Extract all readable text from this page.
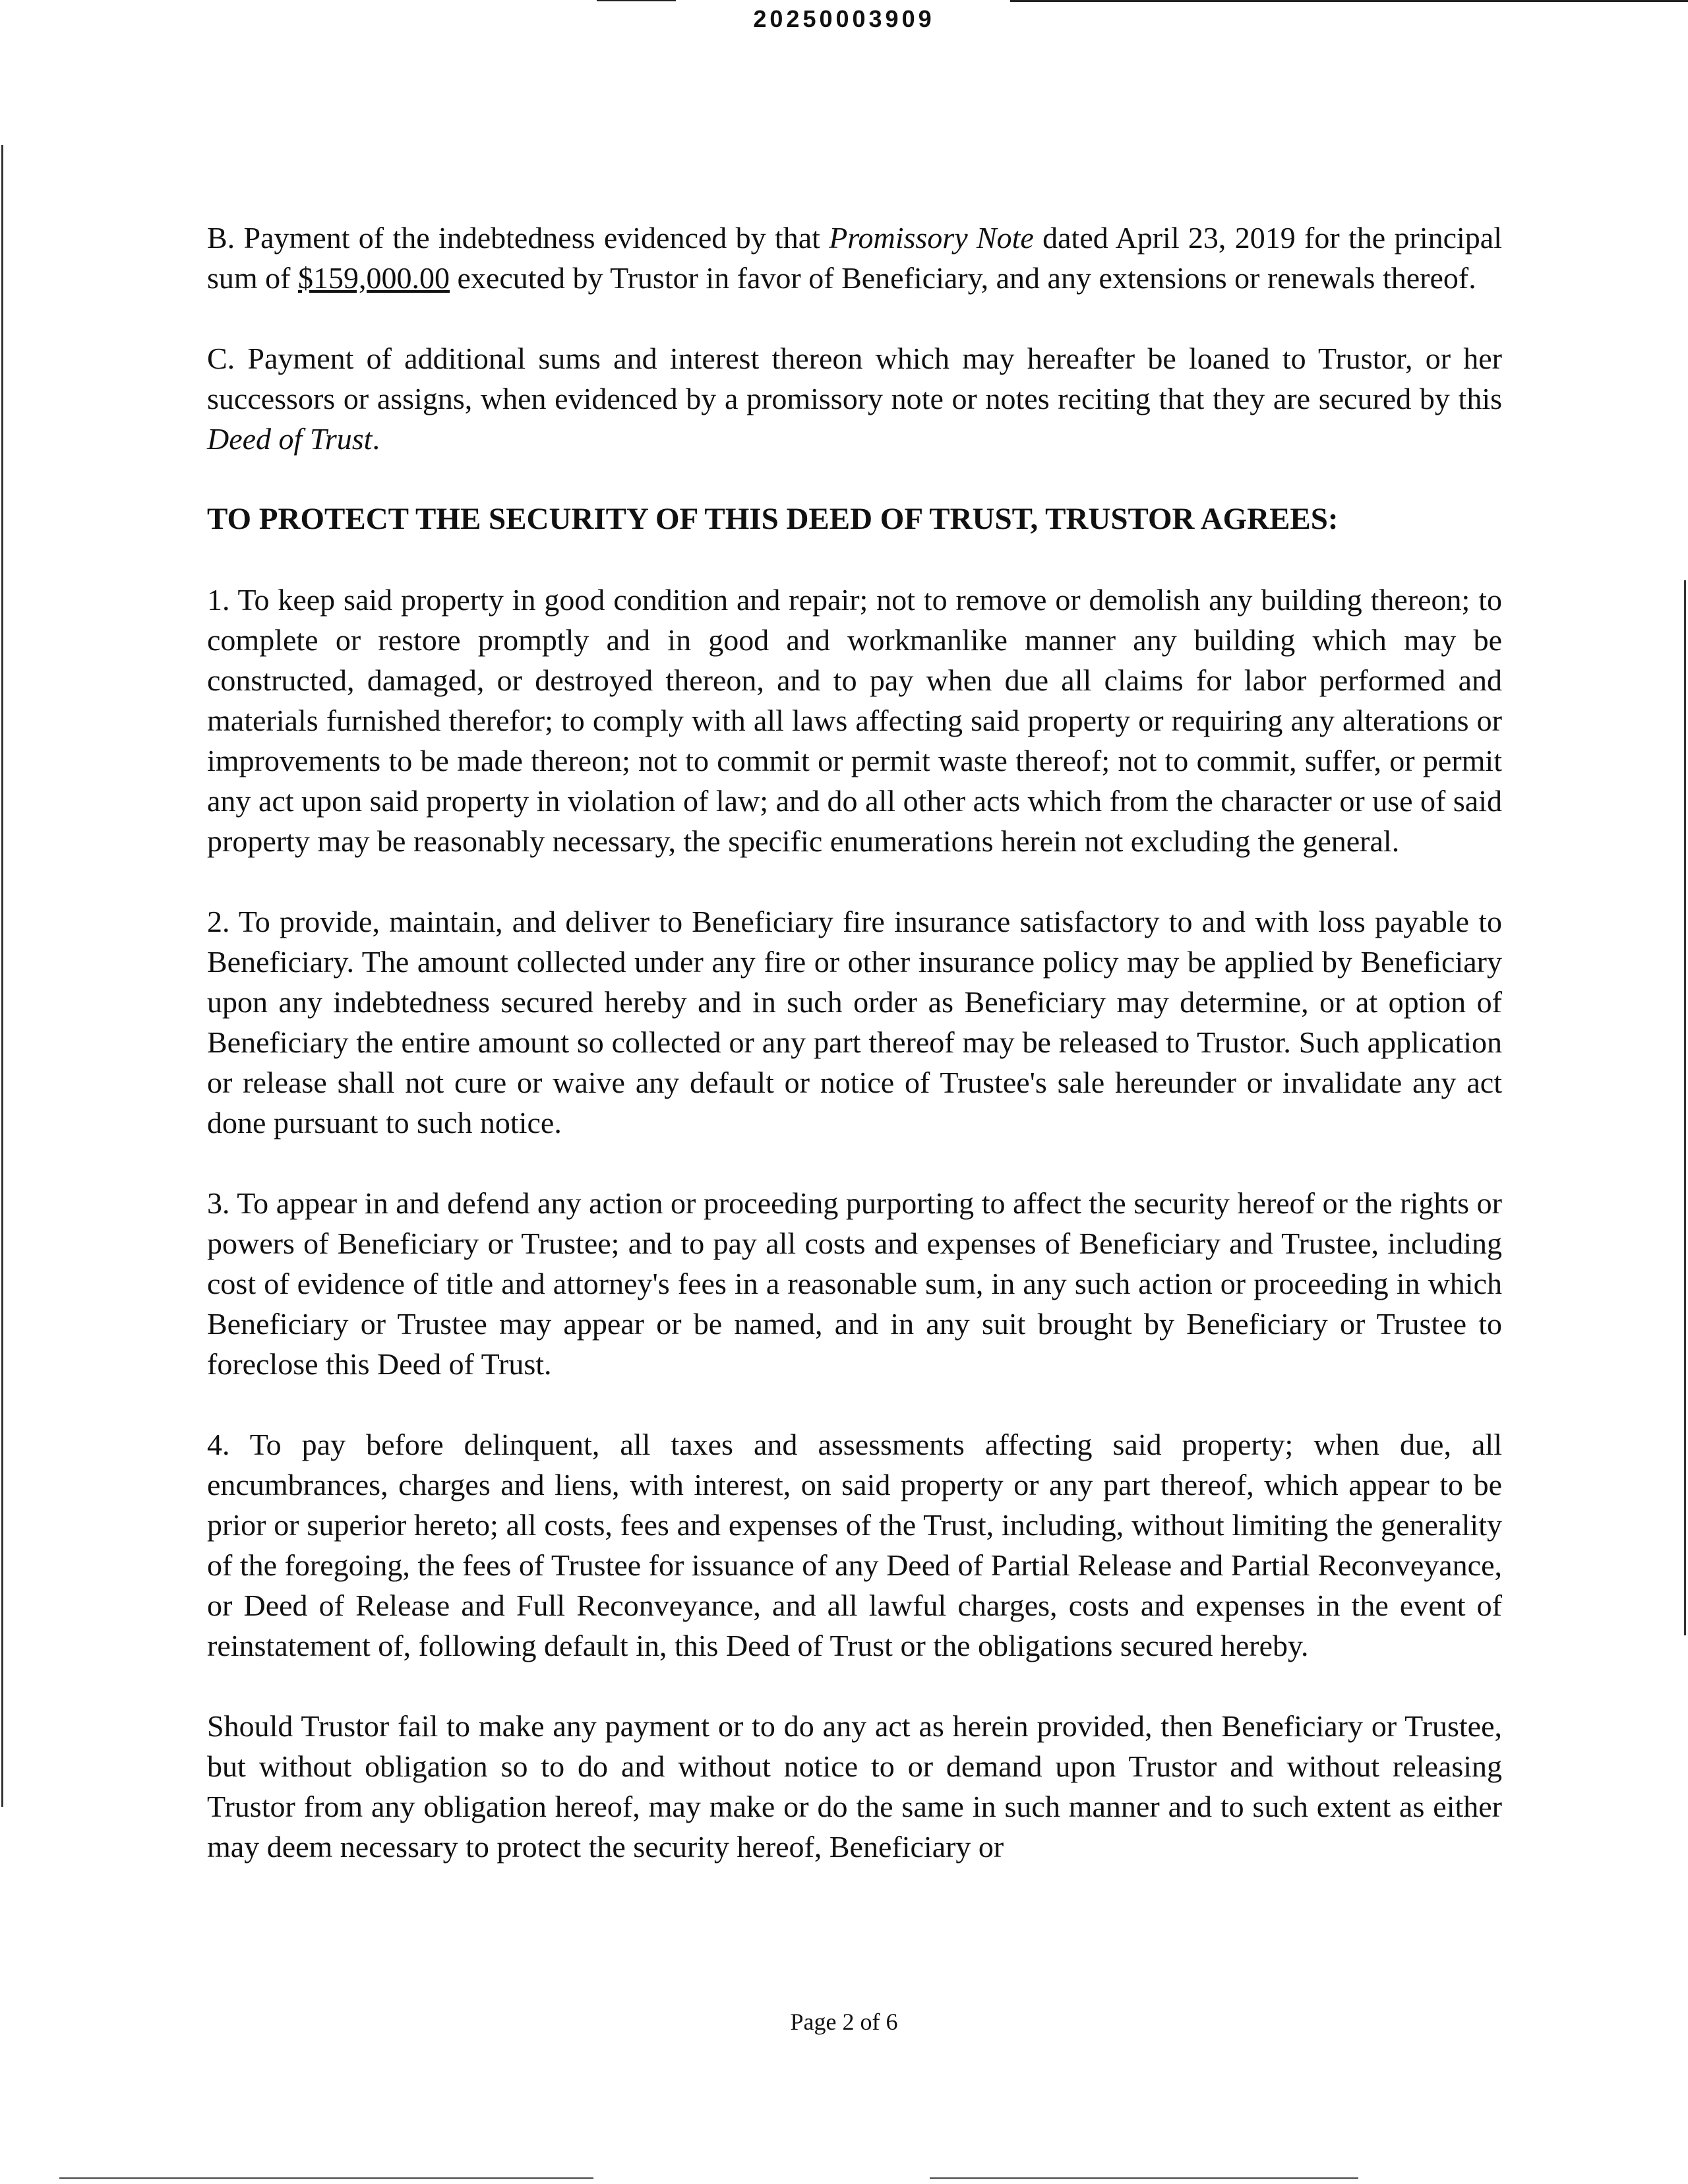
20250003909

B. Payment of the indebtedness evidenced by that Promissory Note dated April 23, 2019 for the principal sum of $159,000.00 executed by Trustor in favor of Beneficiary, and any extensions or renewals thereof.

C. Payment of additional sums and interest thereon which may hereafter be loaned to Trustor, or her successors or assigns, when evidenced by a promissory note or notes reciting that they are secured by this Deed of Trust.

TO PROTECT THE SECURITY OF THIS DEED OF TRUST, TRUSTOR AGREES:

1. To keep said property in good condition and repair; not to remove or demolish any building thereon; to complete or restore promptly and in good and workmanlike manner any building which may be constructed, damaged, or destroyed thereon, and to pay when due all claims for labor performed and materials furnished therefor; to comply with all laws affecting said property or requiring any alterations or improvements to be made thereon; not to commit or permit waste thereof; not to commit, suffer, or permit any act upon said property in violation of law; and do all other acts which from the character or use of said property may be reasonably necessary, the specific enumerations herein not excluding the general.

2. To provide, maintain, and deliver to Beneficiary fire insurance satisfactory to and with loss payable to Beneficiary. The amount collected under any fire or other insurance policy may be applied by Beneficiary upon any indebtedness secured hereby and in such order as Beneficiary may determine, or at option of Beneficiary the entire amount so collected or any part thereof may be released to Trustor. Such application or release shall not cure or waive any default or notice of Trustee's sale hereunder or invalidate any act done pursuant to such notice.

3. To appear in and defend any action or proceeding purporting to affect the security hereof or the rights or powers of Beneficiary or Trustee; and to pay all costs and expenses of Beneficiary and Trustee, including cost of evidence of title and attorney's fees in a reasonable sum, in any such action or proceeding in which Beneficiary or Trustee may appear or be named, and in any suit brought by Beneficiary or Trustee to foreclose this Deed of Trust.

4. To pay before delinquent, all taxes and assessments affecting said property; when due, all encumbrances, charges and liens, with interest, on said property or any part thereof, which appear to be prior or superior hereto; all costs, fees and expenses of the Trust, including, without limiting the generality of the foregoing, the fees of Trustee for issuance of any Deed of Partial Release and Partial Reconveyance, or Deed of Release and Full Reconveyance, and all lawful charges, costs and expenses in the event of reinstatement of, following default in, this Deed of Trust or the obligations secured hereby.

Should Trustor fail to make any payment or to do any act as herein provided, then Beneficiary or Trustee, but without obligation so to do and without notice to or demand upon Trustor and without releasing Trustor from any obligation hereof, may make or do the same in such manner and to such extent as either may deem necessary to protect the security hereof, Beneficiary or

Page 2 of 6
